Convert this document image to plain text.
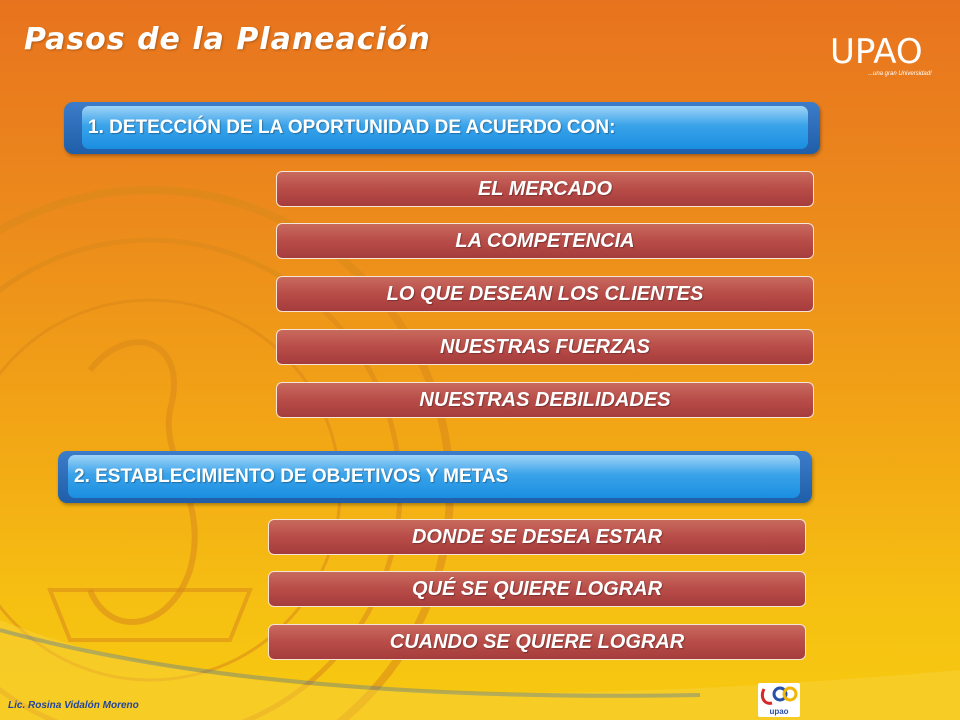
Pasos de la Planeación	UPAO
...una gran Universidad!
1. DETECCIÓN DE LA OPORTUNIDAD DE ACUERDO CON:
EL MERCADO
LA COMPETENCIA
LO QUE DESEAN LOS CLIENTES
NUESTRAS FUERZAS
NUESTRAS DEBILIDADES
2. ESTABLECIMIENTO DE OBJETIVOS Y METAS
DONDE SE DESEA ESTAR
QUÉ SE QUIERE LOGRAR
CUANDO SE QUIERE LOGRAR
Lic. Rosina Vidalón Moreno
upao
